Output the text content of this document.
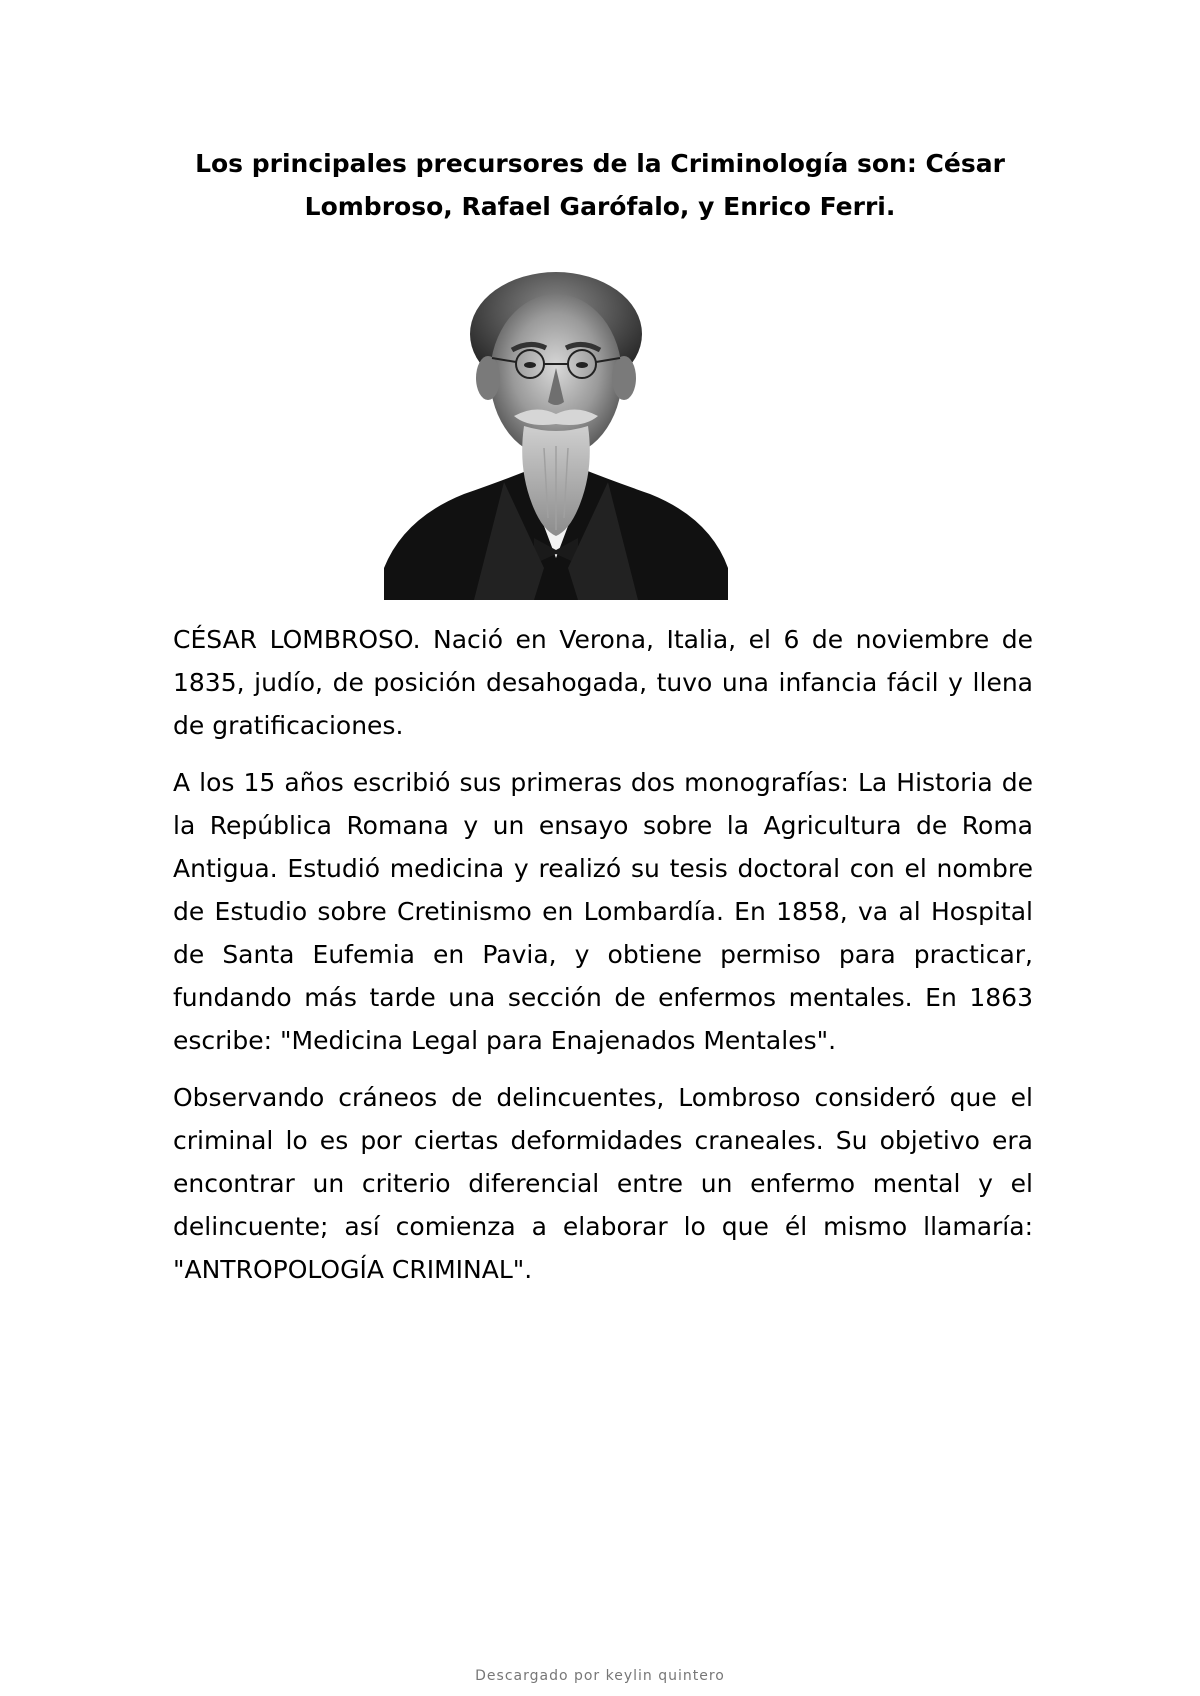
Los principales precursores de la Criminología son: César Lombroso, Rafael Garófalo, y Enrico Ferri.

CÉSAR LOMBROSO. Nació en Verona, Italia, el 6 de noviembre de 1835, judío, de posición desahogada, tuvo una infancia fácil y llena de gratificaciones.

A los 15 años escribió sus primeras dos monografías: La Historia de la República Romana y un ensayo sobre la Agricultura de Roma Antigua. Estudió medicina y realizó su tesis doctoral con el nombre de Estudio sobre Cretinismo en Lombardía. En 1858, va al Hospital de Santa Eufemia en Pavia, y obtiene permiso para practicar, fundando más tarde una sección de enfermos mentales. En 1863 escribe: "Medicina Legal para Enajenados Mentales".

Observando cráneos de delincuentes, Lombroso consideró que el criminal lo es por ciertas deformidades craneales. Su objetivo era encontrar un criterio diferencial entre un enfermo mental y el delincuente; así comienza a elaborar lo que él mismo llamaría: "ANTROPOLOGÍA CRIMINAL".

Descargado por keylin quintero
